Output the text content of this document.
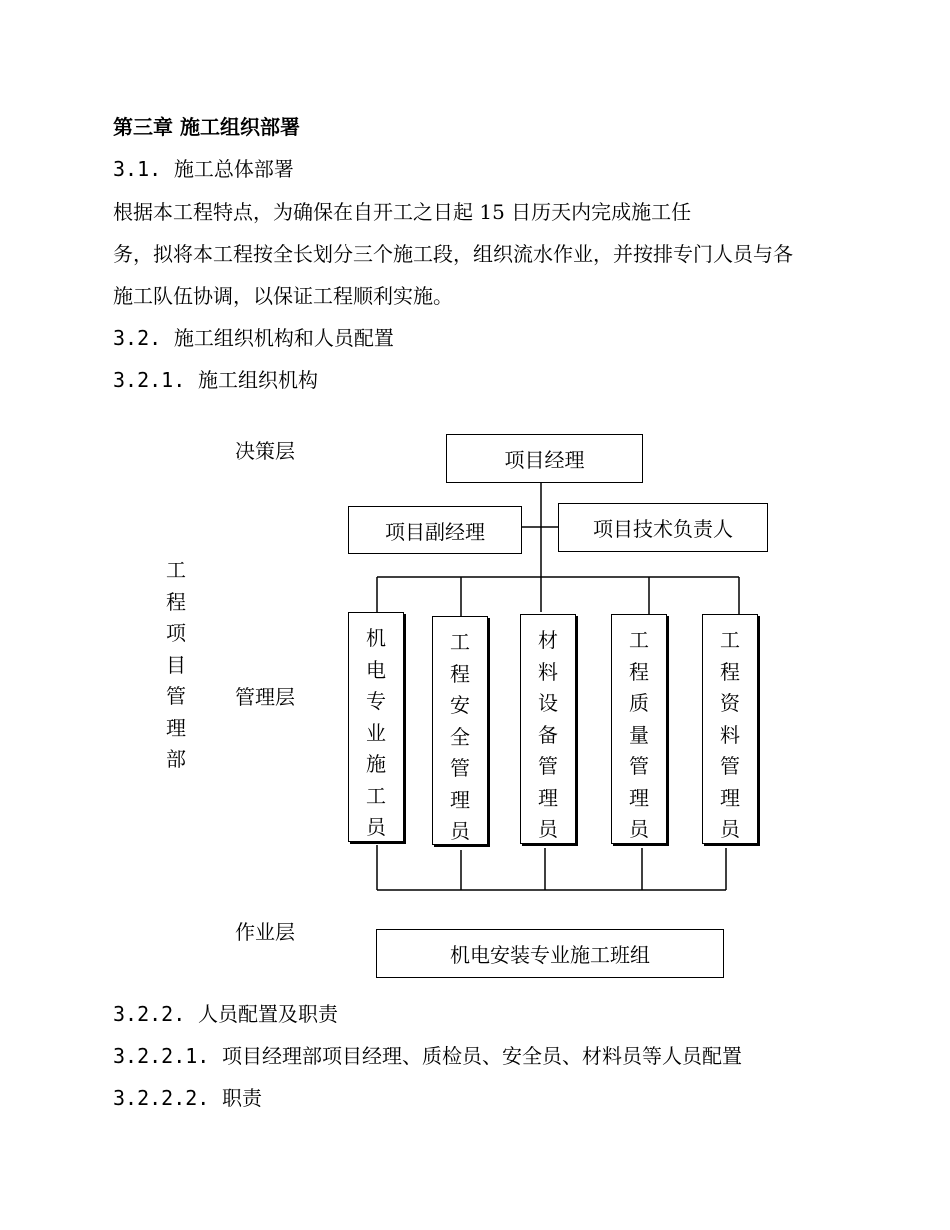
第三章 施工组织部署
3.1. 施工总体部署
根据本工程特点，为确保在自开工之日起 15 日历天内完成施工任
务，拟将本工程按全长划分三个施工段，组织流水作业，并按排专门人员与各
施工队伍协调，以保证工程顺利实施。
3.2. 施工组织机构和人员配置
3.2.1. 施工组织机构
决策层
管理层
作业层
工
程
项
目
管
理
部
项目经理
项目副经理	项目技术负责人
机
电
专
业
施
工
员
工
程
安
全
管
理
员
材
料
设
备
管
理
员
工
程
质
量
管
理
员
工
程
资
料
管
理
员
机电安装专业施工班组
3.2.2. 人员配置及职责
3.2.2.1. 项目经理部项目经理、质检员、安全员、材料员等人员配置
3.2.2.2. 职责
